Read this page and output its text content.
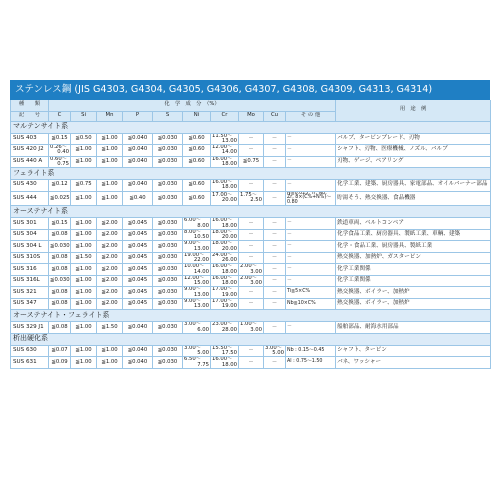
ステンレス鋼 (JIS G4303, G4304, G4305, G4306, G4307, G4308, G4309, G4313, G4314)
種　　類	化　学　成　分　（%）										用　途　例
記　　号	C	Si	Mn	P	S	Ni	Cr	Mo	Cu	そ の 他	
マルテンサイト系											
SUS 403	≦0.15	≦0.50	≦1.00	≦0.040	≦0.030	≦0.60	11.50～
13.00	－	－	－	バルブ、タービンブレード、刃物
SUS 420 J2	0.26～
0.40	≦1.00	≦1.00	≦0.040	≦0.030	≦0.60	12.00～
14.00	－	－	－	シャフト、刃物、医療機械、ノズル、バルブ
SUS 440 A	0.60～
0.75	≦1.00	≦1.00	≦0.040	≦0.030	≦0.60	16.00～
18.00	≦0.75	－	－	刃物、ゲージ、ベアリング
フェライト系											
SUS 430	≦0.12	≦0.75	≦1.00	≦0.040	≦0.030	≦0.60	16.00～
18.00	－	－	－	化学工業、建築、厨房器具、家電部品、オイルバーナー部品
SUS 444	≦0.025	≦1.00	≦1.00	≦0.40	≦0.030	≦0.60	17.00～
20.00	1.75～
2.50	－	N≦0.025, Ti, Nb, Zr, 8×(C%+N%)～0.80	貯湯そう、熱交換器、食品機器
オーステナイト系											
SUS 301	≦0.15	≦1.00	≦2.00	≦0.045	≦0.030	6.00～
8.00	16.00～
18.00	－	－	－	鉄道車両、ベルトコンベア
SUS 304	≦0.08	≦1.00	≦2.00	≦0.045	≦0.030	8.00～
10.50	18.00～
20.00	－	－	－	化学食品工業、厨房器具、製紙工業、車輌、建築
SUS 304 L	≦0.030	≦1.00	≦2.00	≦0.045	≦0.030	9.00～
13.00	18.00～
20.00	－	－	－	化学・食品工業、厨房器具、製紙工業
SUS 310S	≦0.08	≦1.50	≦2.00	≦0.045	≦0.030	19.00～
22.00	24.00～
26.00	－	－	－	熱交換器、加熱炉、ガスターピン
SUS 316	≦0.08	≦1.00	≦2.00	≦0.045	≦0.030	10.00～
14.00	16.00～
18.00	2.00～
3.00	－	－	化学工業関係
SUS 316L	≦0.030	≦1.00	≦2.00	≦0.045	≦0.030	12.00～
15.00	16.00～
18.00	2.00～
3.00	－	－	化学工業関係
SUS 321	≦0.08	≦1.00	≦2.00	≦0.045	≦0.030	9.00～
13.00	17.00～
19.00	－	－	Ti≧5×C%	熱交換器、ボイラー、加熱炉
SUS 347	≦0.08	≦1.00	≦2.00	≦0.045	≦0.030	9.00～
13.00	17.00～
19.00	－	－	Nb≧10×C%	熱交換器、ボイラー、加熱炉
オーステナイト・フェライト系											
SUS 329 J1	≦0.08	≦1.00	≦1.50	≦0.040	≦0.030	3.00～
6.00	23.00～
28.00	1.00～
3.00	－	－	船舶部品、耐海水用部品
析出硬化系											
SUS 630	≦0.07	≦1.00	≦1.00	≦0.040	≦0.030	3.00～
5.00	15.50～
17.50	－	3.00～
5.00	Nb : 0.15～0.45	シャフト、タービン
SUS 631	≦0.09	≦1.00	≦1.00	≦0.040	≦0.030	6.50～
7.75	16.00～
18.00	－	－	Al : 0.75～1.50	バネ、ワッシャー
